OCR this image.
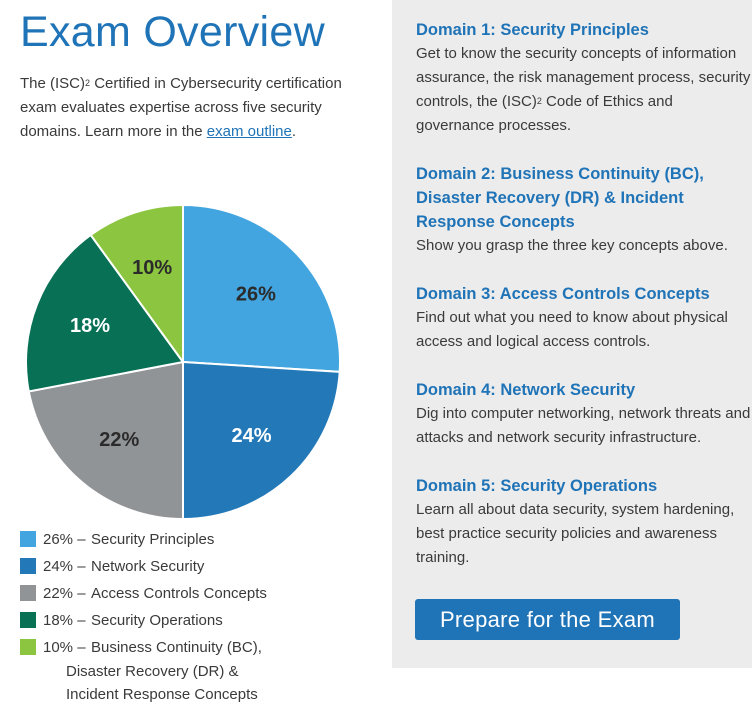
Exam Overview

The (ISC)$^2$ Certified in Cybersecurity certification exam evaluates expertise across five security domains. Learn more in the exam outline.

26%
24%
22%
18%
10%
26% – Security Principles
24% – Network Security
22% – Access Controls Concepts
18% – Security Operations
10% – Business Continuity (BC),
Disaster Recovery (DR) &
Incident Response Concepts
Domain 1: Security Principles

Get to know the security concepts of information assurance, the risk management process, security controls, the (ISC)$^2$ Code of Ethics and governance processes.

Domain 2: Business Continuity (BC), Disaster Recovery (DR) & Incident Response Concepts

Show you grasp the three key concepts above.

Domain 3: Access Controls Concepts

Find out what you need to know about physical access and logical access controls.

Domain 4: Network Security

Dig into computer networking, network threats and attacks and network security infrastructure.

Domain 5: Security Operations

Learn all about data security, system hardening, best practice security policies and awareness training.

Prepare for the Exam
